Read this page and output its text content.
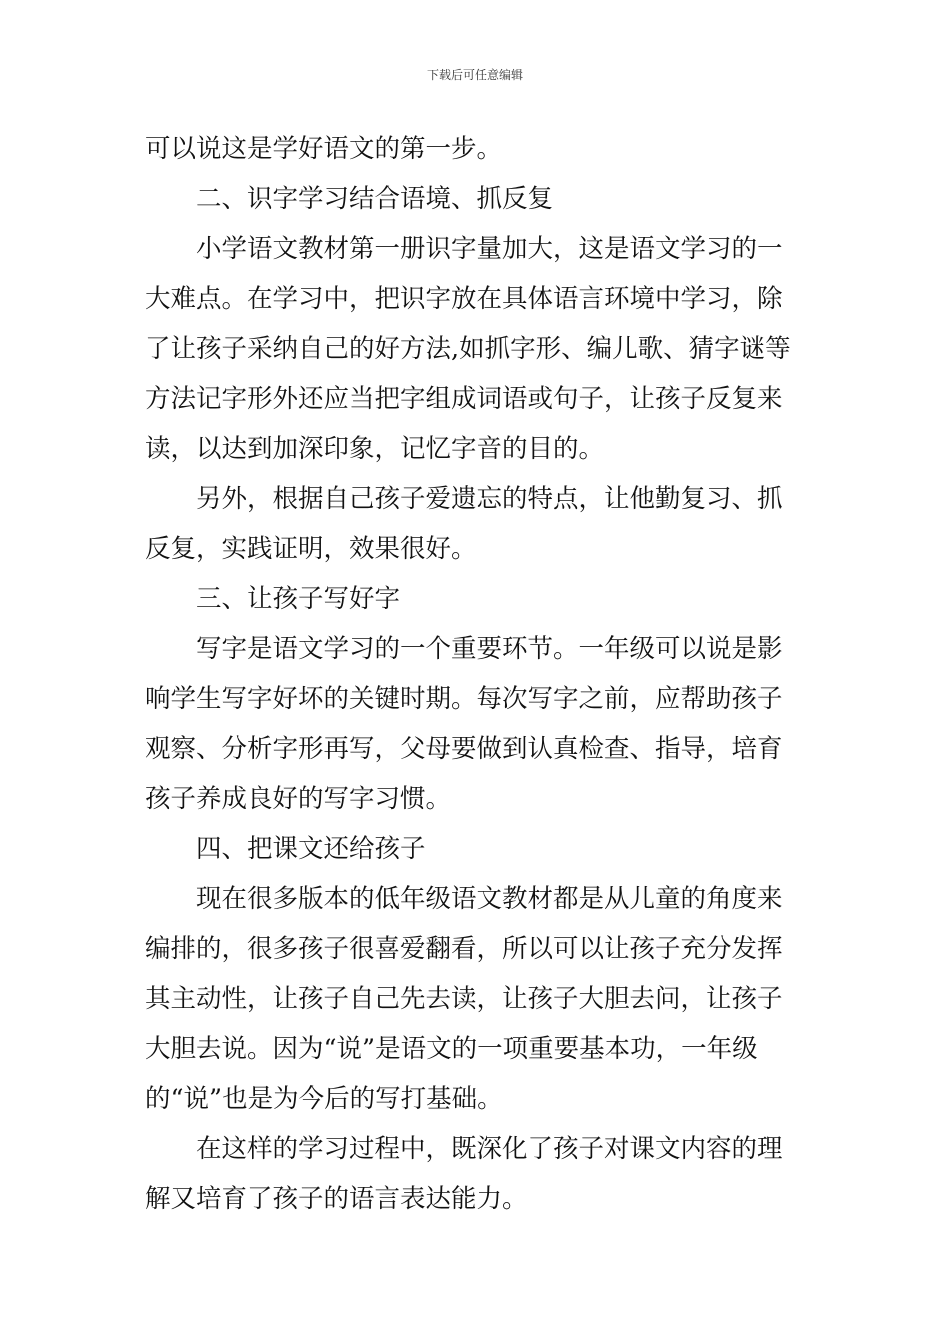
下载后可任意编辑
可以说这是学好语文的第一步。
二、识字学习结合语境、抓反复
小学语文教材第一册识字量加大，这是语文学习的一
大难点。在学习中，把识字放在具体语言环境中学习，除
了让孩子采纳自己的好方法,如抓字形、编儿歌、猜字谜等
方法记字形外还应当把字组成词语或句子，让孩子反复来
读，以达到加深印象，记忆字音的目的。
另外，根据自己孩子爱遗忘的特点，让他勤复习、抓
反复，实践证明，效果很好。
三、让孩子写好字
写字是语文学习的一个重要环节。一年级可以说是影
响学生写字好坏的关键时期。每次写字之前，应帮助孩子
观察、分析字形再写，父母要做到认真检查、指导，培育
孩子养成良好的写字习惯。
四、把课文还给孩子
现在很多版本的低年级语文教材都是从儿童的角度来
编排的，很多孩子很喜爱翻看，所以可以让孩子充分发挥
其主动性，让孩子自己先去读，让孩子大胆去问，让孩子
大胆去说。因为“说”是语文的一项重要基本功，一年级
的“说”也是为今后的写打基础。
在这样的学习过程中，既深化了孩子对课文内容的理
解又培育了孩子的语言表达能力。
